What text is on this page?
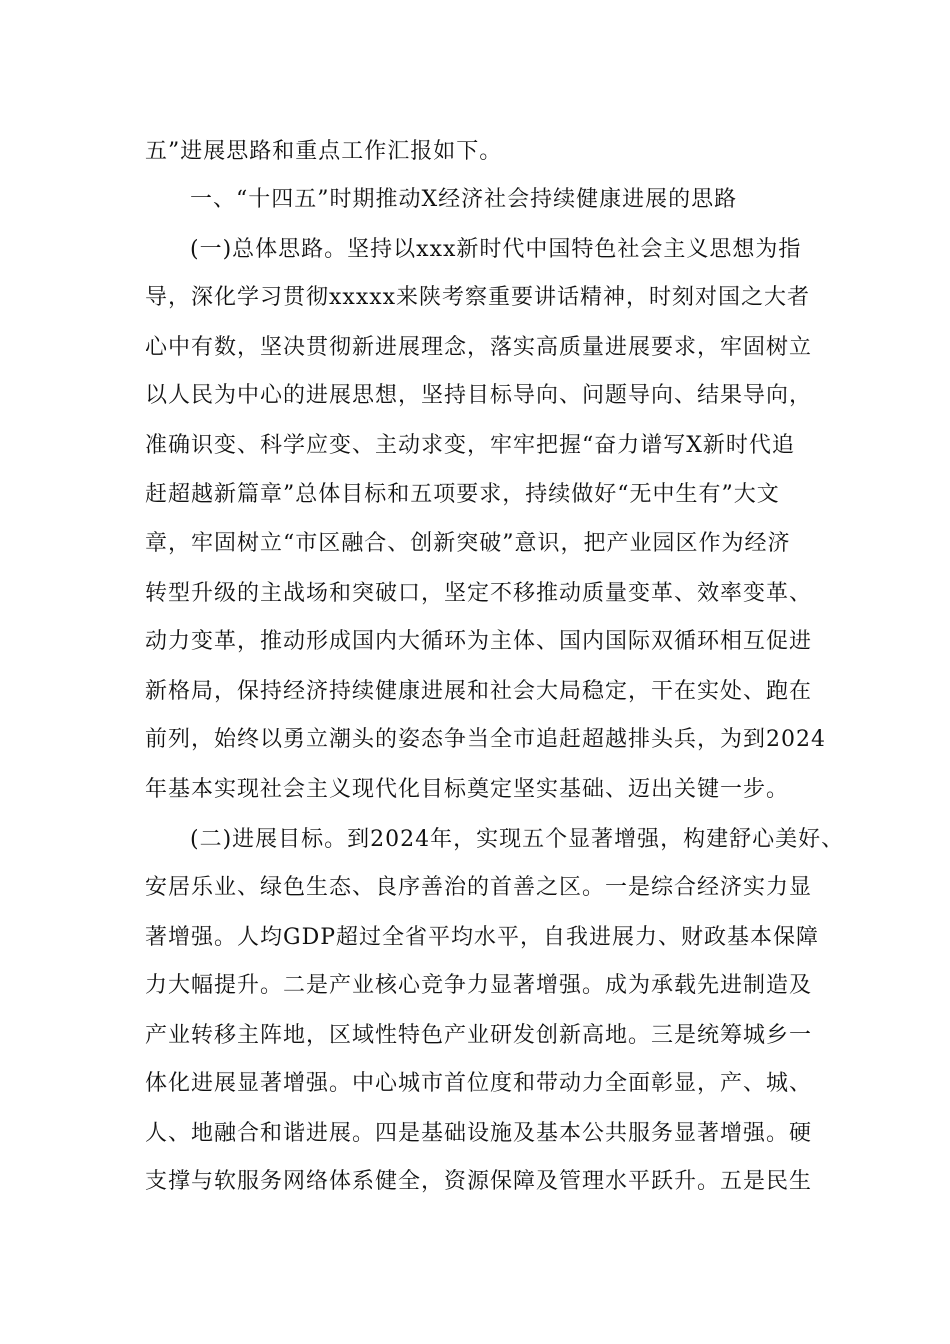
五”进展思路和重点工作汇报如下。
一、“十四五”时期推动X经济社会持续健康进展的思路
(一)总体思路。坚持以xxx新时代中国特色社会主义思想为指
导，深化学习贯彻xxxxx来陕考察重要讲话精神，时刻对国之大者
心中有数，坚决贯彻新进展理念，落实高质量进展要求，牢固树立
以人民为中心的进展思想，坚持目标导向、问题导向、结果导向，
准确识变、科学应变、主动求变，牢牢把握“奋力谱写X新时代追
赶超越新篇章”总体目标和五项要求，持续做好“无中生有”大文
章，牢固树立“市区融合、创新突破”意识，把产业园区作为经济
转型升级的主战场和突破口，坚定不移推动质量变革、效率变革、
动力变革，推动形成国内大循环为主体、国内国际双循环相互促进
新格局，保持经济持续健康进展和社会大局稳定，干在实处、跑在
前列，始终以勇立潮头的姿态争当全市追赶超越排头兵，为到2024
年基本实现社会主义现代化目标奠定坚实基础、迈出关键一步。
(二)进展目标。到2024年，实现五个显著增强，构建舒心美好、
安居乐业、绿色生态、良序善治的首善之区。一是综合经济实力显
著增强。人均GDP超过全省平均水平，自我进展力、财政基本保障
力大幅提升。二是产业核心竞争力显著增强。成为承载先进制造及
产业转移主阵地，区域性特色产业研发创新高地。三是统筹城乡一
体化进展显著增强。中心城市首位度和带动力全面彰显，产、城、
人、地融合和谐进展。四是基础设施及基本公共服务显著增强。硬
支撑与软服务网络体系健全，资源保障及管理水平跃升。五是民生
